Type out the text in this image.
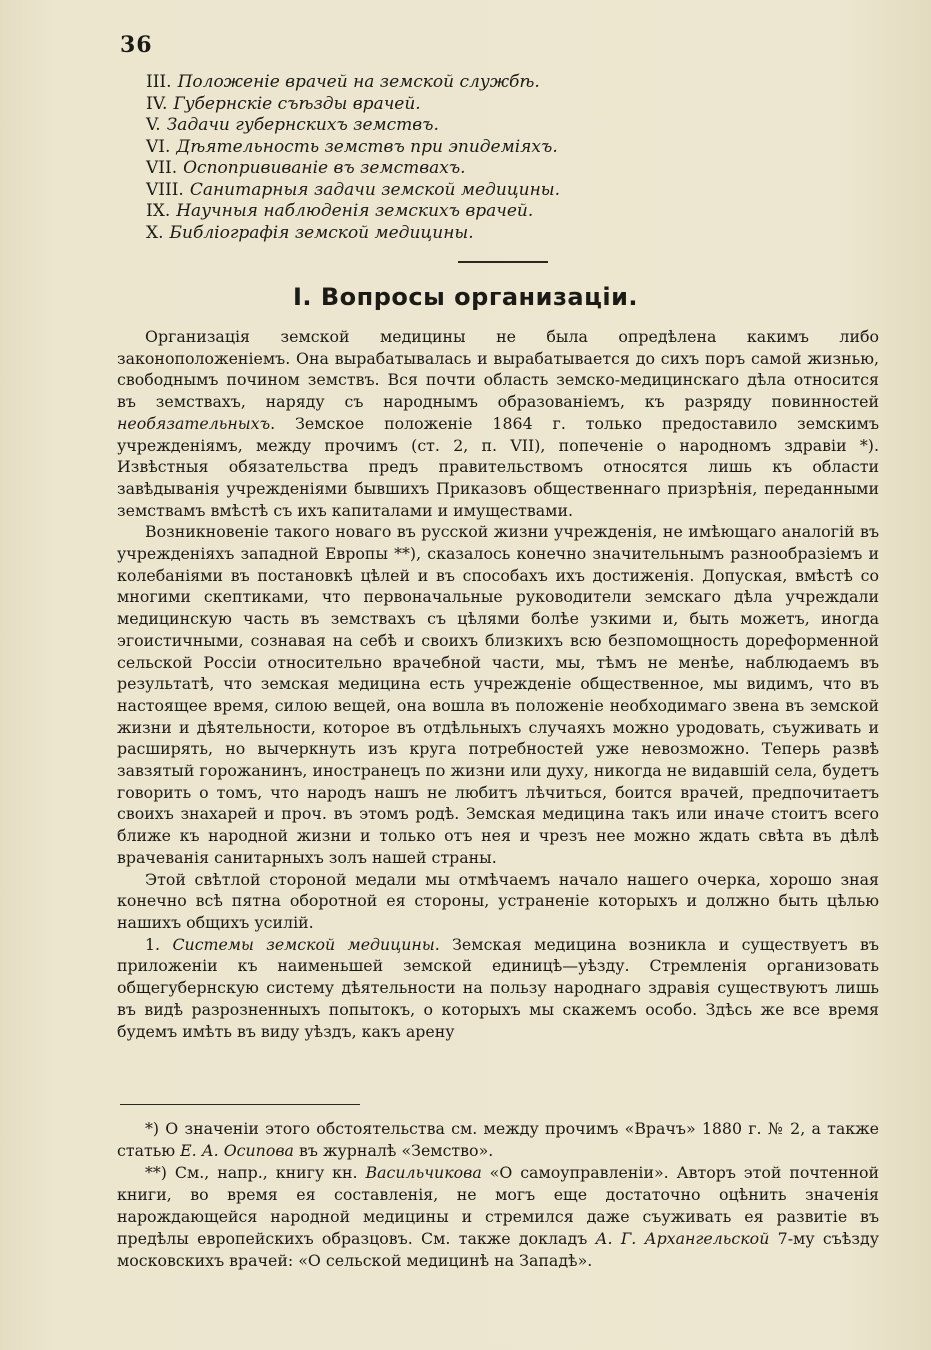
36
III. Положенiе врачей на земской службѣ.
IV. Губернскiе съѣзды врачей.
V. Задачи губернскихъ земствъ.
VI. Дѣятельность земствъ при эпидемiяхъ.
VII. Оспопрививанiе въ земствахъ.
VIII. Санитарныя задачи земской медицины.
IX. Научныя наблюденiя земскихъ врачей.
X. Библiографiя земской медицины.
I. Вопросы организацiи.

Организацiя земской медицины не была опредѣлена какимъ либо законоположенiемъ. Она вырабатывалась и вырабатывается до сихъ поръ самой жизнью, свободнымъ почином земствъ. Вся почти область земско-медицинскаго дѣла относится въ земствахъ, наряду съ народнымъ образованiемъ, къ разряду повинностей необязательныхъ. Земское положенiе 1864 г. только предоставило земскимъ учрежденiямъ, между прочимъ (ст. 2, п. VII), попеченiе о народномъ здравiи *). Извѣстныя обязательства предъ правительствомъ относятся лишь къ области завѣдыванiя учрежденiями бывшихъ Приказовъ общественнаго призрѣнiя, переданными земствамъ вмѣстѣ съ ихъ капиталами и имуществами.

Возникновенiе такого новаго въ русской жизни учрежденiя, не имѣющаго аналогiй въ учрежденiяхъ западной Европы **), сказалось конечно значительнымъ разнообразiемъ и колебанiями въ постановкѣ цѣлей и въ способахъ ихъ достиженiя. Допуская, вмѣстѣ со многими скептиками, что первоначальные руководители земскаго дѣла учреждали медицинскую часть въ земствахъ съ цѣлями болѣе узкими и, быть можетъ, иногда эгоистичными, сознавая на себѣ и своихъ близкихъ всю безпомощность дореформенной сельской Россiи относительно врачебной части, мы, тѣмъ не менѣе, наблюдаемъ въ результатѣ, что земская медицина есть учрежденiе общественное, мы видимъ, что въ настоящее время, силою вещей, она вошла въ положенiе необходимаго звена въ земской жизни и дѣятельности, которое въ отдѣльныхъ случаяхъ можно уродовать, съуживать и расширять, но вычеркнуть изъ круга потребностей уже невозможно. Теперь развѣ завзятый горожанинъ, иностранецъ по жизни или духу, никогда не видавшiй села, будетъ говорить о томъ, что народъ нашъ не любитъ лѣчиться, боится врачей, предпочитаетъ своихъ знахарей и проч. въ этомъ родѣ. Земская медицина такъ или иначе стоитъ всего ближе къ народной жизни и только отъ нея и чрезъ нее можно ждать свѣта въ дѣлѣ врачеванiя санитарныхъ золъ нашей страны.

Этой свѣтлой стороной медали мы отмѣчаемъ начало нашего очерка, хорошо зная конечно всѣ пятна оборотной ея стороны, устраненiе которыхъ и должно быть цѣлью нашихъ общихъ усилiй.

1. Системы земской медицины. Земская медицина возникла и существуетъ въ приложенiи къ наименьшей земской единицѣ—уѣзду. Стремленiя организовать общегубернскую систему дѣятельности на пользу народнаго здравiя существуютъ лишь въ видѣ разрозненныхъ попытокъ, о которыхъ мы скажемъ особо. Здѣсь же все время будемъ имѣть въ виду уѣздъ, какъ арену

*) О значенiи этого обстоятельства см. между прочимъ «Врачъ» 1880 г. № 2, а также статью Е. А. Осипова въ журналѣ «Земство».

**) См., напр., книгу кн. Васильчикова «О самоуправленiи». Авторъ этой почтенной книги, во время ея составленiя, не могъ еще достаточно оцѣнить значенiя нарождающейся народной медицины и стремился даже съуживать ея развитiе въ предѣлы европейскихъ образцовъ. См. также докладъ А. Г. Архангельской 7-му съѣзду московскихъ врачей: «О сельской медицинѣ на Западѣ».
